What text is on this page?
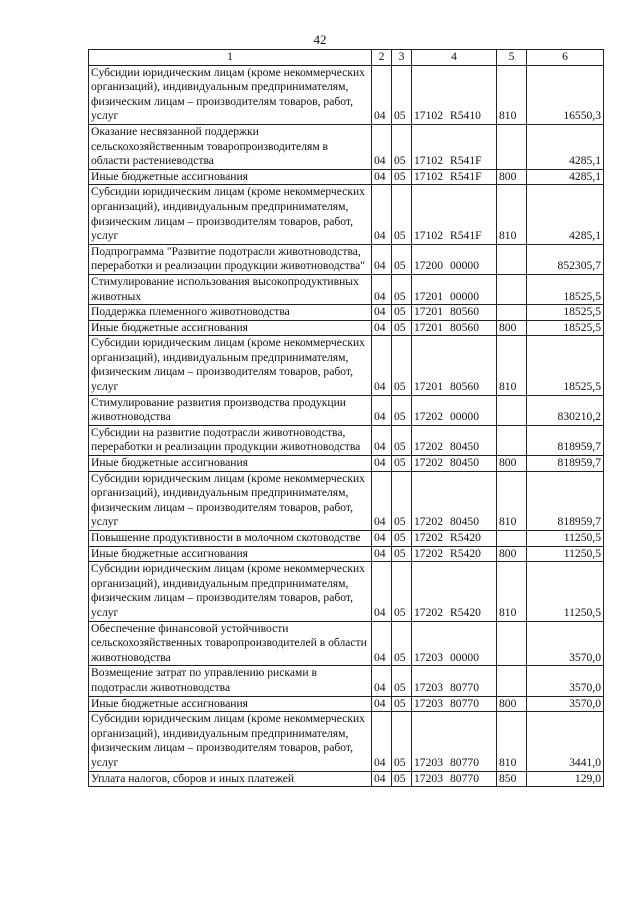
42
1	2	3	4	5	6
Субсидии юридическим лицам (кроме некоммерческих организаций), индивидуальным предпринимателям, физическим лицам – производителям товаров, работ, услуг	04	05	17102 R5410	810	16550,3
Оказание несвязанной поддержки сельскохозяйственным товаропроизводителям в области растениеводства	04	05	17102 R541F		4285,1
Иные бюджетные ассигнования	04	05	17102 R541F	800	4285,1
Субсидии юридическим лицам (кроме некоммерческих организаций), индивидуальным предпринимателям, физическим лицам – производителям товаров, работ, услуг	04	05	17102 R541F	810	4285,1
Подпрограмма "Развитие подотрасли животноводства, переработки и реализации продукции животноводства"	04	05	17200 00000		852305,7
Стимулирование использования высокопродуктивных животных	04	05	17201 00000		18525,5
Поддержка племенного животноводства	04	05	17201 80560		18525,5
Иные бюджетные ассигнования	04	05	17201 80560	800	18525,5
Субсидии юридическим лицам (кроме некоммерческих организаций), индивидуальным предпринимателям, физическим лицам – производителям товаров, работ, услуг	04	05	17201 80560	810	18525,5
Стимулирование развития производства продукции животноводства	04	05	17202 00000		830210,2
Субсидии на развитие подотрасли животноводства, переработки и реализации продукции животноводства	04	05	17202 80450		818959,7
Иные бюджетные ассигнования	04	05	17202 80450	800	818959,7
Субсидии юридическим лицам (кроме некоммерческих организаций), индивидуальным предпринимателям, физическим лицам – производителям товаров, работ, услуг	04	05	17202 80450	810	818959,7
Повышение продуктивности в молочном скотоводстве	04	05	17202 R5420		11250,5
Иные бюджетные ассигнования	04	05	17202 R5420	800	11250,5
Субсидии юридическим лицам (кроме некоммерческих организаций), индивидуальным предпринимателям, физическим лицам – производителям товаров, работ, услуг	04	05	17202 R5420	810	11250,5
Обеспечение финансовой устойчивости сельскохозяйственных товаропроизводителей в области животноводства	04	05	17203 00000		3570,0
Возмещение затрат по управлению рисками в подотрасли животноводства	04	05	17203 80770		3570,0
Иные бюджетные ассигнования	04	05	17203 80770	800	3570,0
Субсидии юридическим лицам (кроме некоммерческих организаций), индивидуальным предпринимателям, физическим лицам – производителям товаров, работ, услуг	04	05	17203 80770	810	3441,0
Уплата налогов, сборов и иных платежей	04	05	17203 80770	850	129,0
